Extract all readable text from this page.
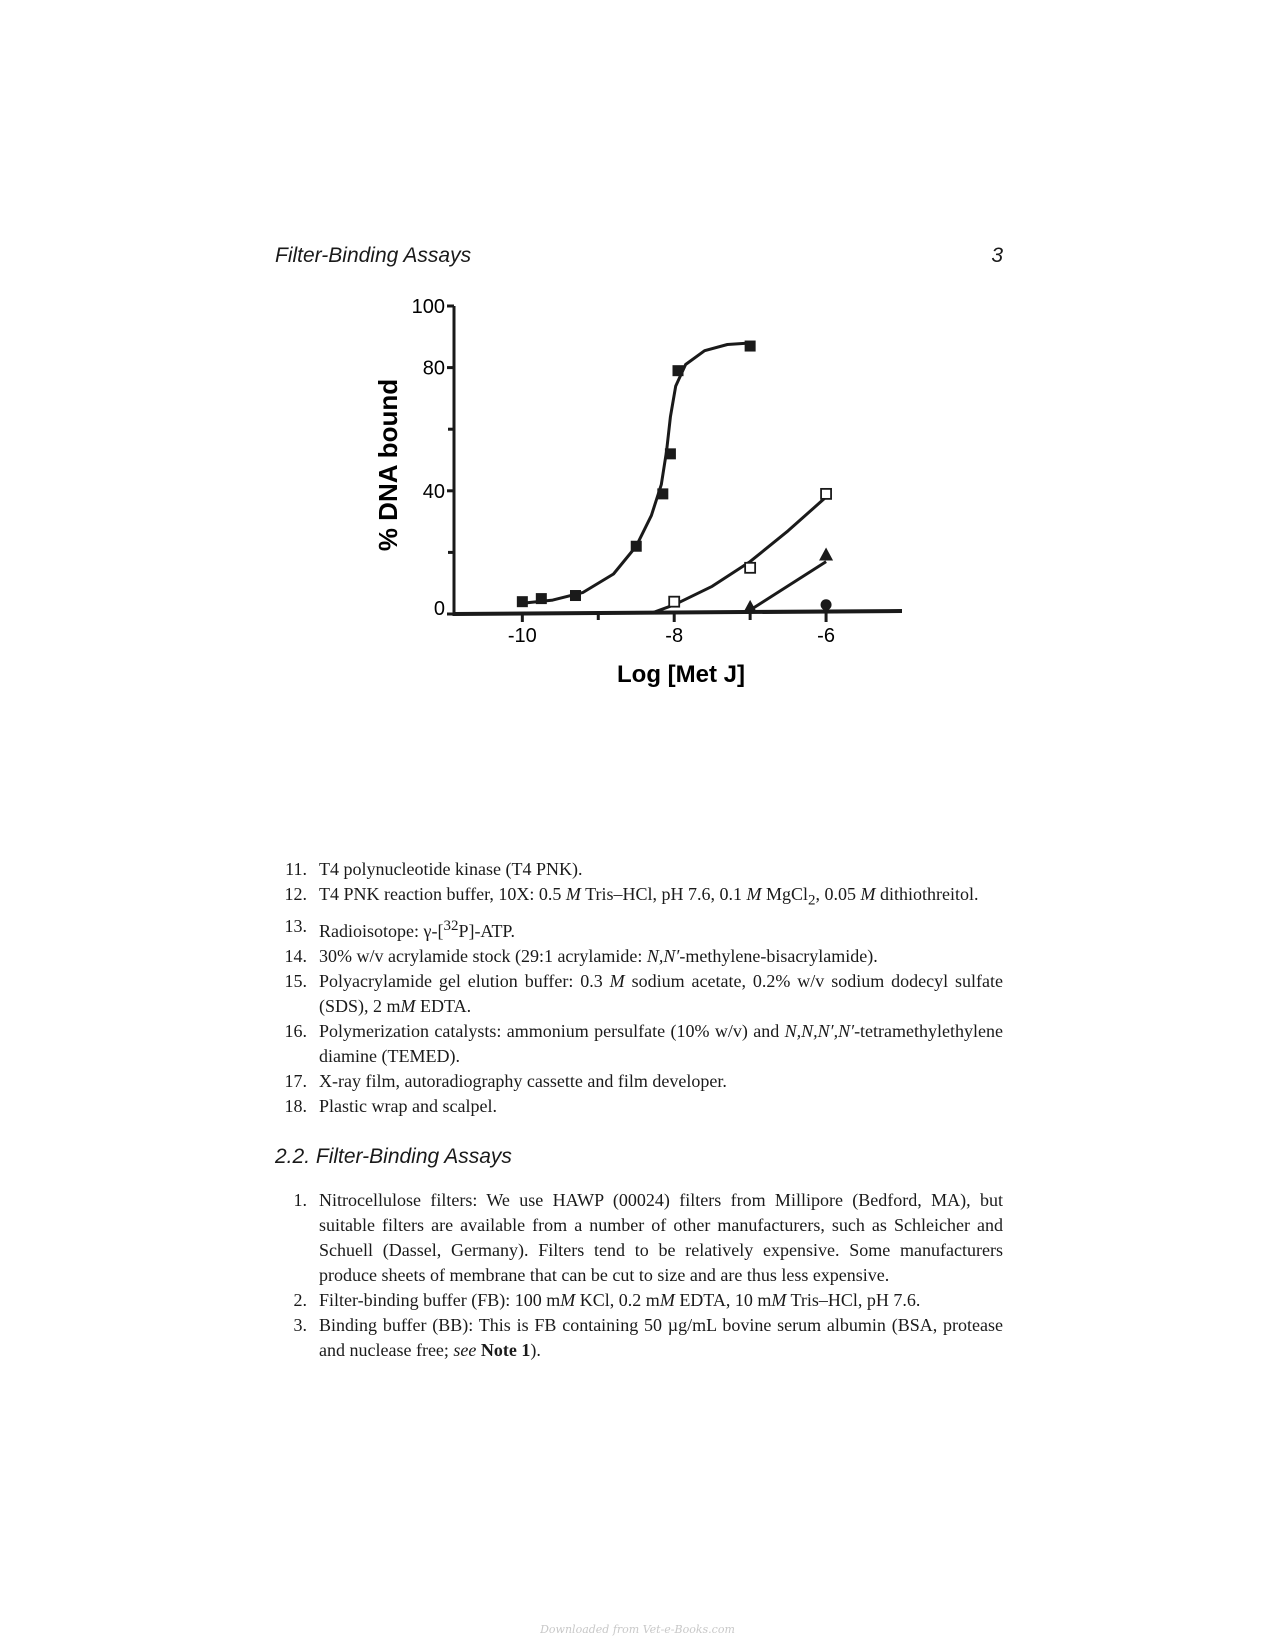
Filter-Binding Assays	3
0
40
80
100
-10	-8	-6
% DNA bound
Log [Met J]
11. T4 polynucleotide kinase (T4 PNK).
12. T4 PNK reaction buffer, 10X: 0.5 M Tris–HCl, pH 7.6, 0.1 M MgCl$_2$, 0.05 M dithiothreitol.
13. Radioisotope: γ-[$^{32}$P]-ATP.
14. 30% w/v acrylamide stock (29:1 acrylamide: N,N′-methylene-bisacrylamide).
15. Polyacrylamide gel elution buffer: 0.3 M sodium acetate, 0.2% w/v sodium dodecyl sulfate (SDS), 2 mM EDTA.
16. Polymerization catalysts: ammonium persulfate (10% w/v) and N,N,N′,N′-tetramethylethylene diamine (TEMED).
17. X-ray film, autoradiography cassette and film developer.
18. Plastic wrap and scalpel.
2.2. Filter-Binding Assays
1. Nitrocellulose filters: We use HAWP (00024) filters from Millipore (Bedford, MA), but suitable filters are available from a number of other manufacturers, such as Schleicher and Schuell (Dassel, Germany). Filters tend to be relatively expensive. Some manufacturers produce sheets of membrane that can be cut to size and are thus less expensive.
2. Filter-binding buffer (FB): 100 mM KCl, 0.2 mM EDTA, 10 mM Tris–HCl, pH 7.6.
3. Binding buffer (BB): This is FB containing 50 µg/mL bovine serum albumin (BSA, protease and nuclease free; see Note 1).
Downloaded from Vet-e-Books.com
